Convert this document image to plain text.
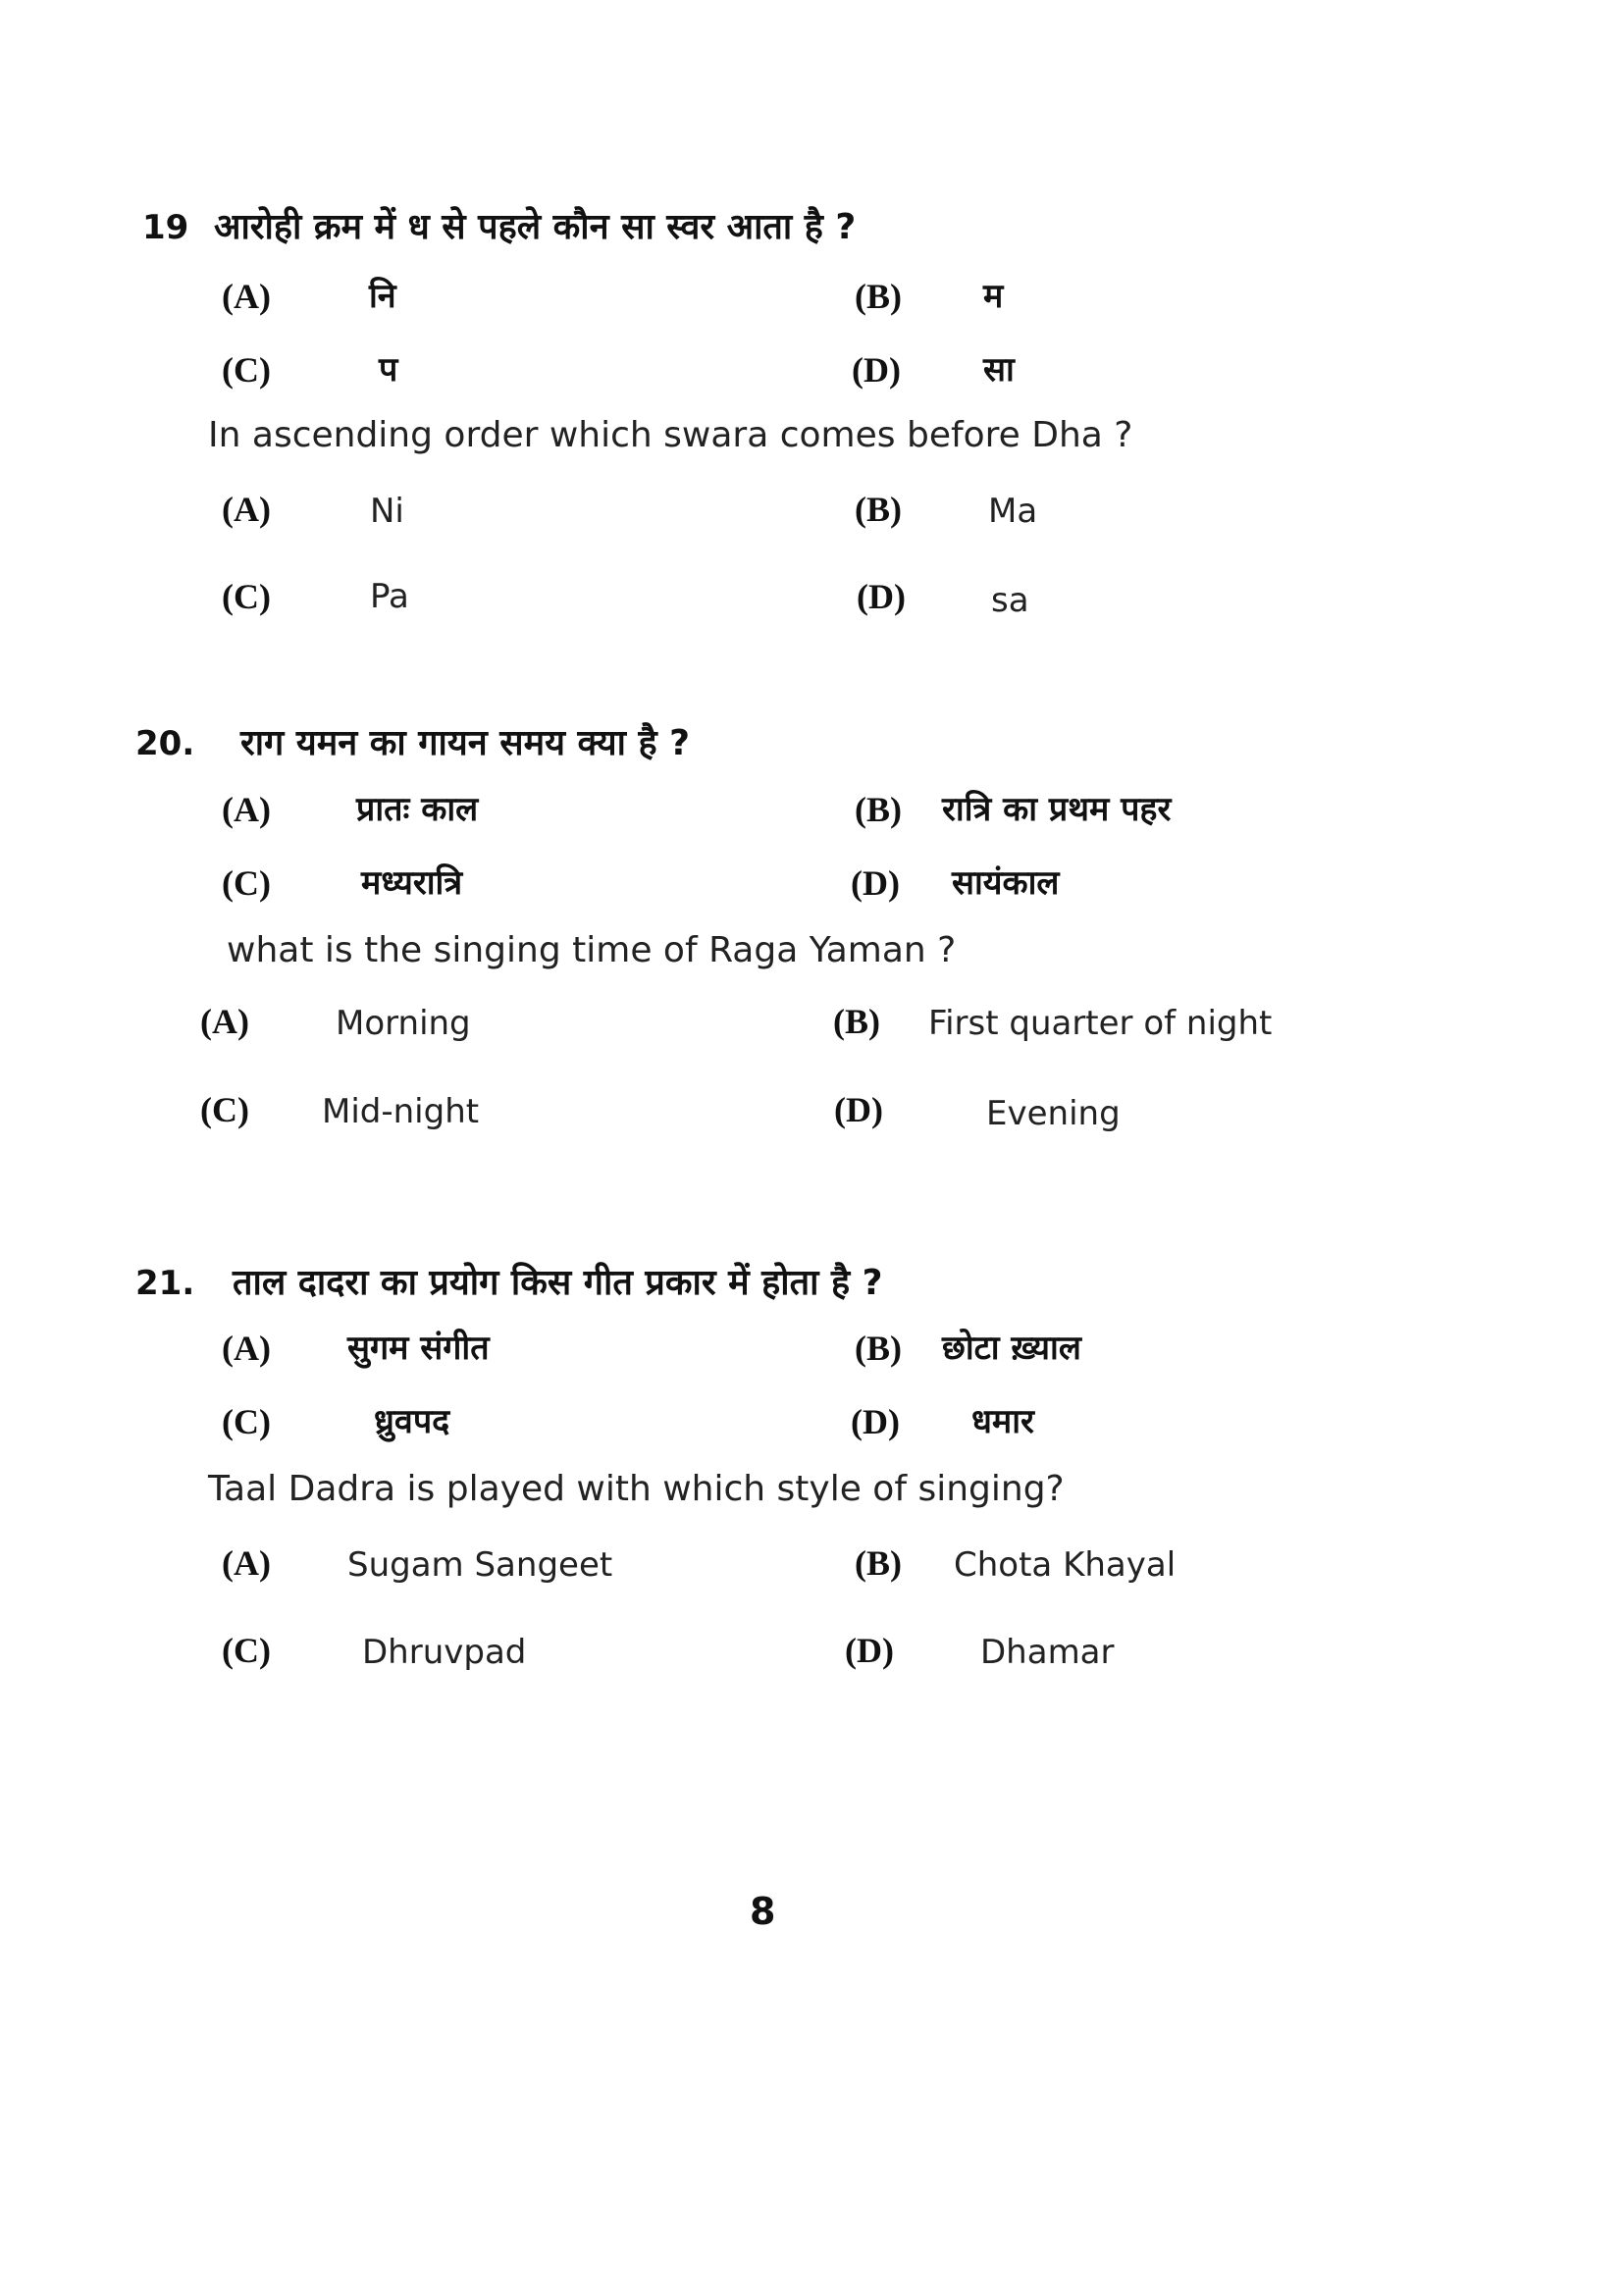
19 आरोही क्रम में ध से पहले कौन सा स्वर आता है ?
(A)	नि	(B) म
(C)	प	(D) सा
In ascending order which swara comes before Dha ?
(A)	Ni	(B)	Ma
(C)	Pa	(D)	sa
20. राग यमन का गायन समय क्या है ?
(A)	प्रातः काल	(B) रात्रि का प्रथम पहर
(C)	मध्यरात्रि	(D) सायंकाल
what is the singing time of Raga Yaman ?
(A)	Morning	(B) First quarter of night
(C) Mid-night	(D)	Evening
21. ताल दादरा का प्रयोग किस गीत प्रकार में होता है ?
(A) सुगम संगीत	(B) छोटा ख़्याल
(C)	ध्रुवपद	(D) धमार
Taal Dadra is played with which style of singing?
(A) Sugam Sangeet	(B) Chota Khayal
(C)	Dhruvpad	(D)	Dhamar
8
